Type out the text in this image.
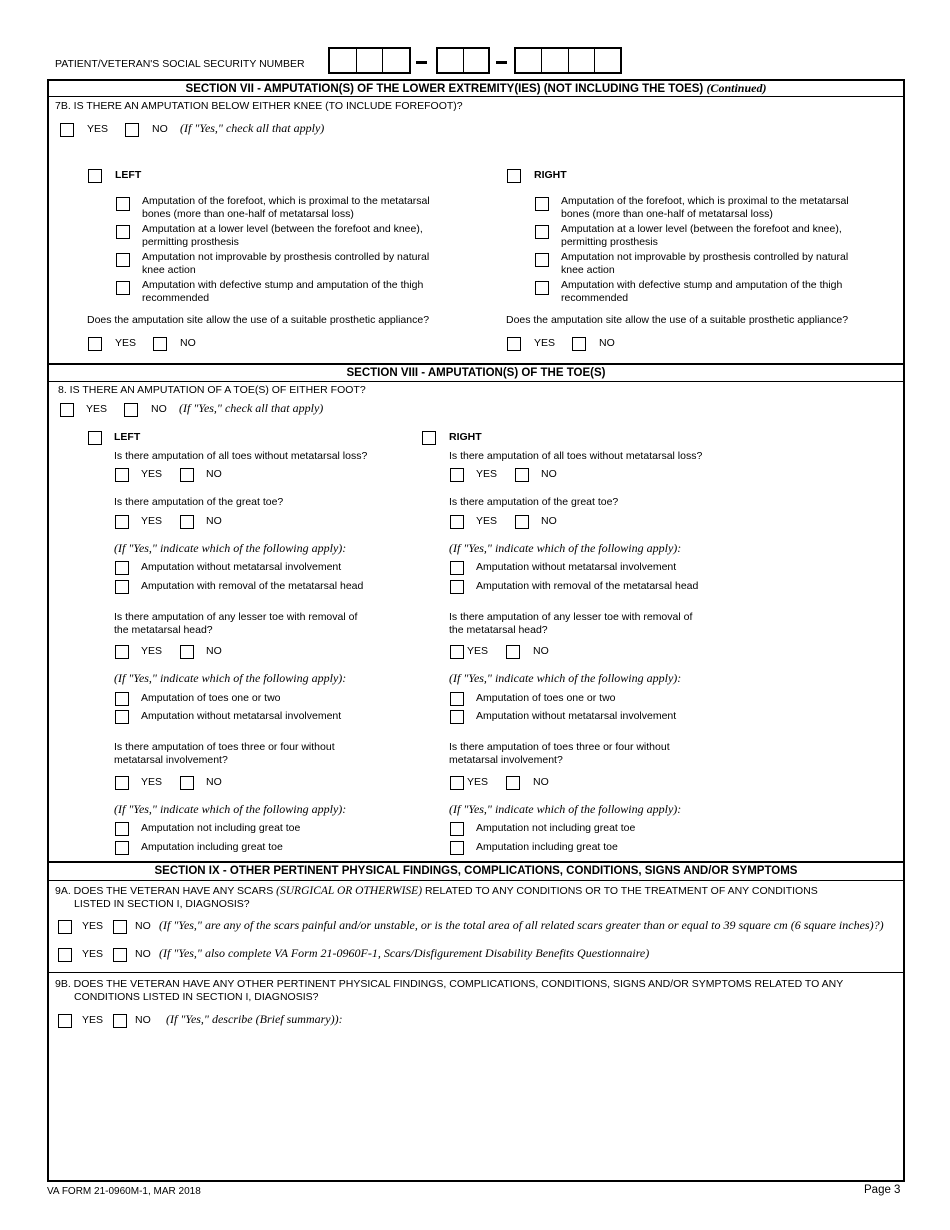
PATIENT/VETERAN'S SOCIAL SECURITY NUMBER
SECTION VII - AMPUTATION(S) OF THE LOWER EXTREMITY(IES) (NOT INCLUDING THE TOES) (Continued)
7B. IS THERE AN AMPUTATION BELOW EITHER KNEE (TO INCLUDE FOREFOOT)?
YES	NO (If "Yes," check all that apply)
LEFT
Amputation of the forefoot, which is proximal to the metatarsal
bones (more than one-half of metatarsal loss)
Amputation at a lower level (between the forefoot and knee),
permitting prosthesis
Amputation not improvable by prosthesis controlled by natural
knee action
Amputation with defective stump and amputation of the thigh
recommended
Does the amputation site allow the use of a suitable prosthetic appliance?
YES	NO
RIGHT
Amputation of the forefoot, which is proximal to the metatarsal
bones (more than one-half of metatarsal loss)
Amputation at a lower level (between the forefoot and knee),
permitting prosthesis
Amputation not improvable by prosthesis controlled by natural
knee action
Amputation with defective stump and amputation of the thigh
recommended
Does the amputation site allow the use of a suitable prosthetic appliance?
YES	NO
SECTION VIII - AMPUTATION(S) OF THE TOE(S)
8. IS THERE AN AMPUTATION OF A TOE(S) OF EITHER FOOT?
YES	NO (If "Yes," check all that apply)
LEFT
Is there amputation of all toes without metatarsal loss?
YES	NO
Is there amputation of the great toe?
YES	NO
(If "Yes," indicate which of the following apply):
Amputation without metatarsal involvement
Amputation with removal of the metatarsal head
Is there amputation of any lesser toe with removal of
the metatarsal head?
YES	NO
(If "Yes," indicate which of the following apply):
Amputation of toes one or two
Amputation without metatarsal involvement
Is there amputation of toes three or four without
metatarsal involvement?
YES	NO
(If "Yes," indicate which of the following apply):
Amputation not including great toe
Amputation including great toe
RIGHT
Is there amputation of all toes without metatarsal loss?
YES	NO
Is there amputation of the great toe?
YES	NO
(If "Yes," indicate which of the following apply):
Amputation without metatarsal involvement
Amputation with removal of the metatarsal head
Is there amputation of any lesser toe with removal of
the metatarsal head?
YES	NO
(If "Yes," indicate which of the following apply):
Amputation of toes one or two
Amputation without metatarsal involvement
Is there amputation of toes three or four without
metatarsal involvement?
YES	NO
(If "Yes," indicate which of the following apply):
Amputation not including great toe
Amputation including great toe
SECTION IX - OTHER PERTINENT PHYSICAL FINDINGS, COMPLICATIONS, CONDITIONS, SIGNS AND/OR SYMPTOMS
9A. DOES THE VETERAN HAVE ANY SCARS (SURGICAL OR OTHERWISE) RELATED TO ANY CONDITIONS OR TO THE TREATMENT OF ANY CONDITIONS
LISTED IN SECTION I, DIAGNOSIS?
YES	NO (If "Yes," are any of the scars painful and/or unstable, or is the total area of all related scars greater than or equal to 39 square cm (6 square inches)?)
YES	NO (If "Yes," also complete VA Form 21-0960F-1, Scars/Disfigurement Disability Benefits Questionnaire)
9B. DOES THE VETERAN HAVE ANY OTHER PERTINENT PHYSICAL FINDINGS, COMPLICATIONS, CONDITIONS, SIGNS AND/OR SYMPTOMS RELATED TO ANY
CONDITIONS LISTED IN SECTION I, DIAGNOSIS?
YES	NO (If "Yes," describe (Brief summary)):
VA FORM 21-0960M-1, MAR 2018	Page 3
